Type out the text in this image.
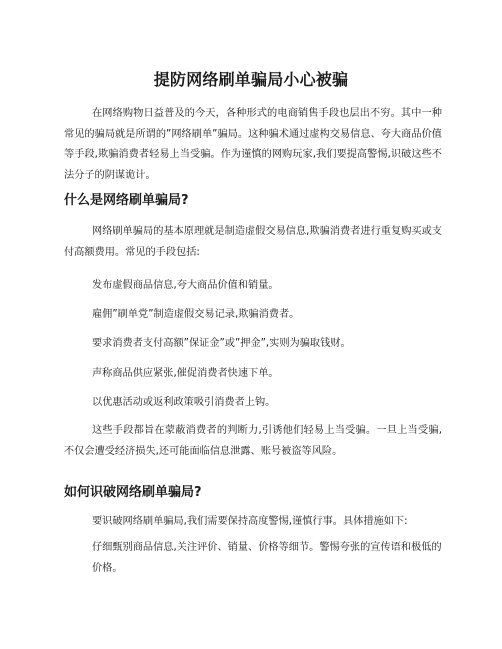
提防网络刷单骗局小心被骗

在网络购物日益普及的今天，各种形式的电商销售手段也层出不穷。其中一种常见的骗局就是所谓的”网络刷单”骗局。这种骗术通过虚构交易信息、夸大商品价值等手段,欺骗消费者轻易上当受骗。作为谨慎的网购玩家,我们要提高警惕,识破这些不法分子的阴谋诡计。

什么是网络刷单骗局?

网络刷单骗局的基本原理就是制造虚假交易信息,欺骗消费者进行重复购买或支付高额费用。常见的手段包括:

发布虚假商品信息,夸大商品价值和销量。
雇佣”刷单党”制造虚假交易记录,欺骗消费者。
要求消费者支付高额”保证金”或”押金”,实则为骗取钱财。
声称商品供应紧张,催促消费者快速下单。
以优惠活动或返利政策吸引消费者上钩。

这些手段都旨在蒙蔽消费者的判断力,引诱他们轻易上当受骗。一旦上当受骗,不仅会遭受经济损失,还可能面临信息泄露、账号被盗等风险。

如何识破网络刷单骗局?

要识破网络刷单骗局,我们需要保持高度警惕,谨慎行事。具体措施如下:

仔细甄别商品信息,关注评价、销量、价格等细节。警惕夸张的宣传语和极低的价格。
